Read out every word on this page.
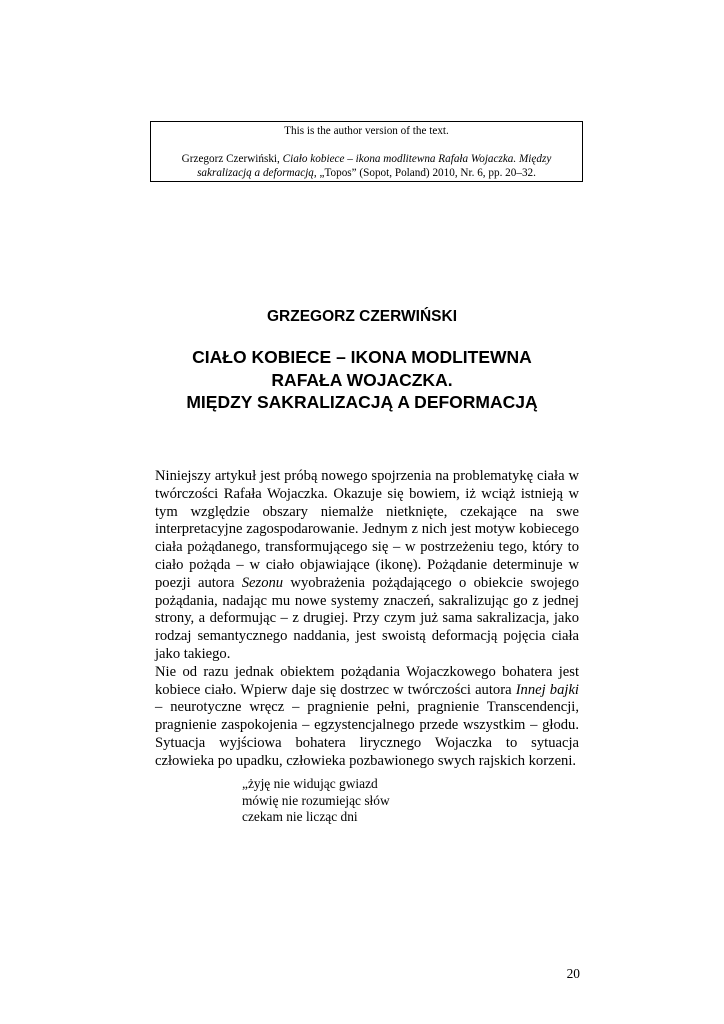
This is the author version of the text.
Grzegorz Czerwiński, Ciało kobiece – ikona modlitewna Rafała Wojaczka. Między sakralizacją a deformacją, „Topos” (Sopot, Poland) 2010, Nr. 6, pp. 20–32.
GRZEGORZ CZERWIŃSKI
CIAŁO KOBIECE – IKONA MODLITEWNA
RAFAŁA WOJACZKA.
MIĘDZY SAKRALIZACJĄ A DEFORMACJĄ

Niniejszy artykuł jest próbą nowego spojrzenia na problematykę ciała w twórczości Rafała Wojaczka. Okazuje się bowiem, iż wciąż istnieją w tym względzie obszary niemalże nietknięte, czekające na swe interpretacyjne zagospodarowanie. Jednym z nich jest motyw kobiecego ciała pożądanego, transformującego się – w postrzeżeniu tego, który to ciało pożąda – w ciało objawiające (ikonę). Pożądanie determinuje w poezji autora Sezonu wyobrażenia pożądającego o obiekcie swojego pożądania, nadając mu nowe systemy znaczeń, sakralizując go z jednej strony, a deformując – z drugiej. Przy czym już sama sakralizacja, jako rodzaj semantycznego naddania, jest swoistą deformacją pojęcia ciała jako takiego.

Nie od razu jednak obiektem pożądania Wojaczkowego bohatera jest kobiece ciało. Wpierw daje się dostrzec w twórczości autora Innej bajki – neurotyczne wręcz – pragnienie pełni, pragnienie Transcendencji, pragnienie zaspokojenia – egzystencjalnego przede wszystkim – głodu. Sytuacja wyjściowa bohatera lirycznego Wojaczka to sytuacja człowieka po upadku, człowieka pozbawionego swych rajskich korzeni.

„żyję nie widując gwiazd
mówię nie rozumiejąc słów
czekam nie licząc dni
20
